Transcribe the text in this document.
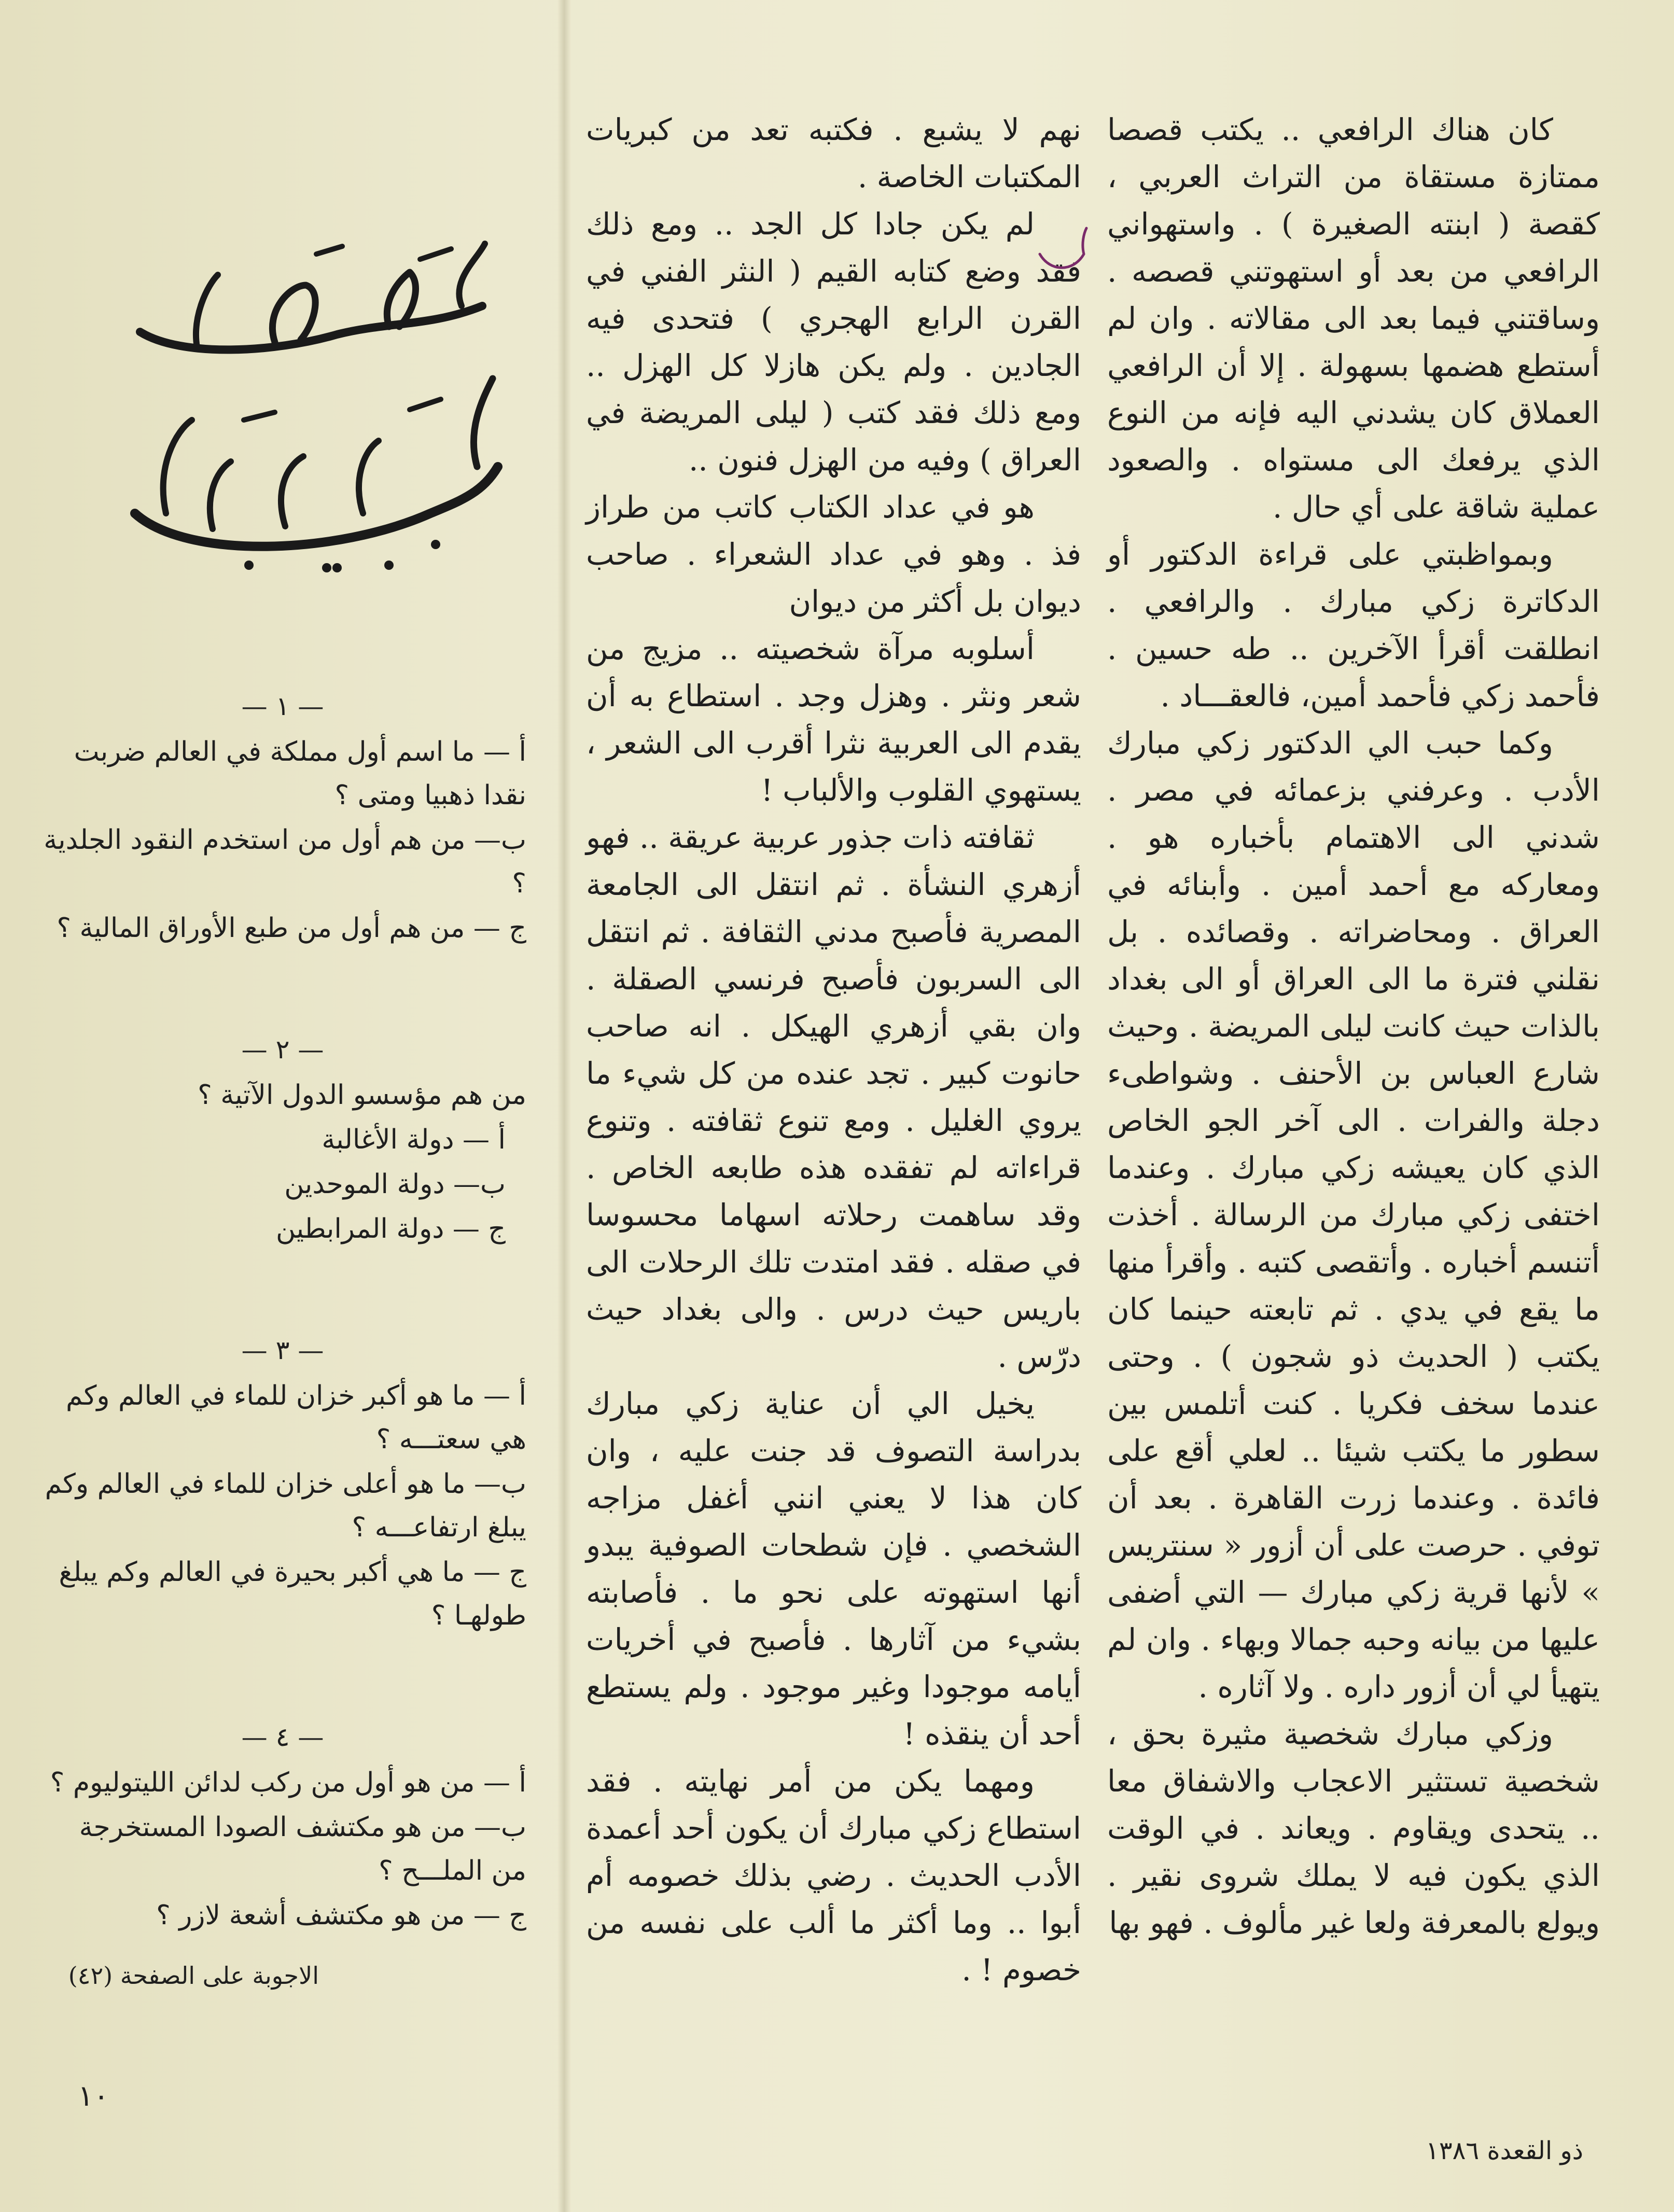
كان هناك الرافعي .. يكتب قصصا ممتازة مستقاة من التراث العربي ، كقصة ( ابنته الصغيرة ) . واستهواني الرافعي من بعد أو استهوتني قصصه . وساقتني فيما بعد الى مقالاته . وان لم أستطع هضمها بسهولة . إلا أن الرافعي العملاق كان يشدني اليه فإنه من النوع الذي يرفعك الى مستواه . والصعود عملية شاقة على أي حال .

وبمواظبتي على قراءة الدكتور أو الدكاترة زكي مبارك . والرافعي . انطلقت أقرأ الآخرين .. طه حسين . فأحمد زكي فأحمد أمين، فالعقـــاد .

وكما حبب الي الدكتور زكي مبارك الأدب . وعرفني بزعمائه في مصر . شدني الى الاهتمام بأخباره هو . ومعاركه مع أحمد أمين . وأبنائه في العراق . ومحاضراته . وقصائده . بل نقلني فترة ما الى العراق أو الى بغداد بالذات حيث كانت ليلى المريضة . وحيث شارع العباس بن الأحنف . وشواطىء دجلة والفرات . الى آخر الجو الخاص الذي كان يعيشه زكي مبارك . وعندما اختفى زكي مبارك من الرسالة . أخذت أتنسم أخباره . وأتقصى كتبه . وأقرأ منها ما يقع في يدي . ثم تابعته حينما كان يكتب ( الحديث ذو شجون ) . وحتى عندما سخف فكريا . كنت أتلمس بين سطور ما يكتب شيئا .. لعلي أقع على فائدة . وعندما زرت القاهرة . بعد أن توفي . حرصت على أن أزور « سنتريس » لأنها قرية زكي مبارك — التي أضفى عليها من بيانه وحبه جمالا وبهاء . وان لم يتهيأ لي أن أزور داره . ولا آثاره .

وزكي مبارك شخصية مثيرة بحق ، شخصية تستثير الاعجاب والاشفاق معا .. يتحدى ويقاوم . ويعاند . في الوقت الذي يكون فيه لا يملك شروى نقير . ويولع بالمعرفة ولعا غير مألوف . فهو بها

نهم لا يشبع . فكتبه تعد من كبريات المكتبات الخاصة .

لم يكن جادا كل الجد .. ومع ذلك فقد وضع كتابه القيم ( النثر الفني في القرن الرابع الهجري ) فتحدى فيه الجادين . ولم يكن هازلا كل الهزل .. ومع ذلك فقد كتب ( ليلى المريضة في العراق ) وفيه من الهزل فنون ..

هو في عداد الكتاب كاتب من طراز فذ . وهو في عداد الشعراء . صاحب ديوان بل أكثر من ديوان

أسلوبه مرآة شخصيته .. مزيج من شعر ونثر . وهزل وجد . استطاع به أن يقدم الى العربية نثرا أقرب الى الشعر ، يستهوي القلوب والألباب !

ثقافته ذات جذور عربية عريقة .. فهو أزهري النشأة . ثم انتقل الى الجامعة المصرية فأصبح مدني الثقافة . ثم انتقل الى السربون فأصبح فرنسي الصقلة . وان بقي أزهري الهيكل . انه صاحب حانوت كبير . تجد عنده من كل شيء ما يروي الغليل . ومع تنوع ثقافته . وتنوع قراءاته لم تفقده هذه طابعه الخاص . وقد ساهمت رحلاته اسهاما محسوسا في صقله . فقد امتدت تلك الرحلات الى باريس حيث درس . والى بغداد حيث درّس .

يخيل الي أن عناية زكي مبارك بدراسة التصوف قد جنت عليه ، وان كان هذا لا يعني انني أغفل مزاجه الشخصي . فإن شطحات الصوفية يبدو أنها استهوته على نحو ما . فأصابته بشيء من آثارها . فأصبح في أخريات أيامه موجودا وغير موجود . ولم يستطع أحد أن ينقذه !

ومهما يكن من أمر نهايته . فقد استطاع زكي مبارك أن يكون أحد أعمدة الأدب الحديث . رضي بذلك خصومه أم أبوا .. وما أكثر ما ألب على نفسه من خصوم ! .

— ١ —

أ — ما اسم أول مملكة في العالم ضربت نقدا ذهبيا ومتى ؟

ب— من هم أول من استخدم النقود الجلدية ؟

ج — من هم أول من طبع الأوراق المالية ؟

— ٢ —

من هم مؤسسو الدول الآتية ؟

أ — دولة الأغالبة

ب— دولة الموحدين

ج — دولة المرابطين

— ٣ —

أ — ما هو أكبر خزان للماء في العالم وكم هي سعتـــه ؟

ب— ما هو أعلى خزان للماء في العالم وكم يبلغ ارتفاعـــه ؟

ج — ما هي أكبر بحيرة في العالم وكم يبلغ طولهـا ؟

— ٤ —

أ — من هو أول من ركب لدائن الليتوليوم ؟

ب— من هو مكتشف الصودا المستخرجة من الملـــح ؟

ج — من هو مكتشف أشعة لازر ؟

الاجوبة على الصفحة (٤٢)
١٠
ذو القعدة ١٣٨٦
